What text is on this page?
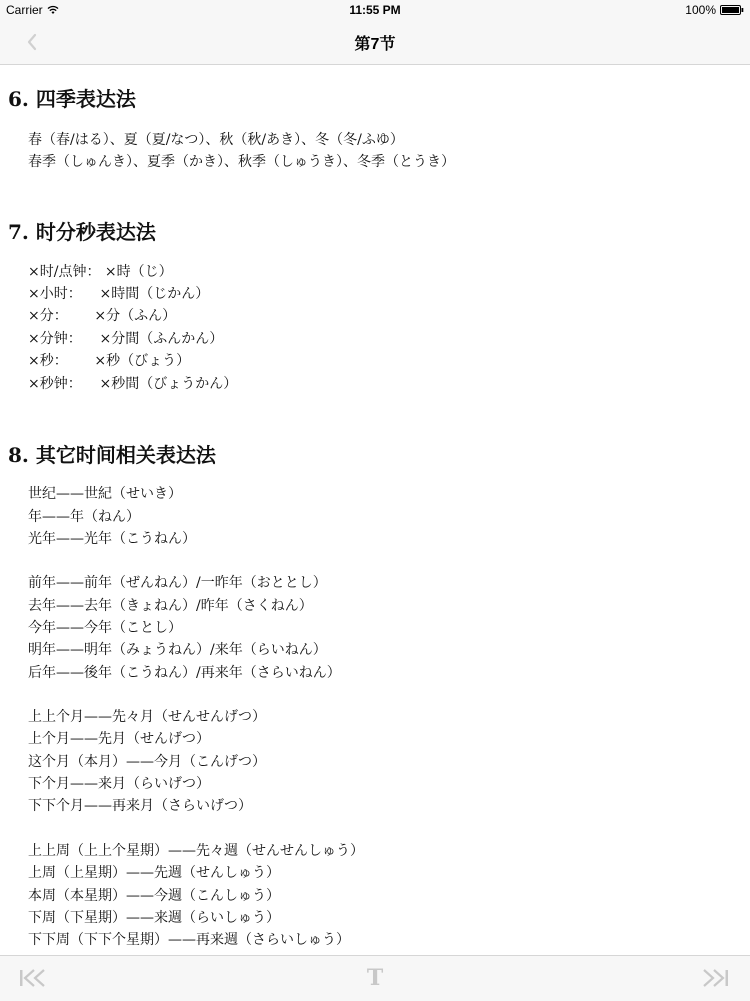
Carrier	11:55 PM	100%
第7节
6. 四季表达法
春（春/はる）、夏（夏/なつ）、秋（秋/あき）、冬（冬/ふゆ）
春季（しゅんき）、夏季（かき）、秋季（しゅうき）、冬季（とうき）
7. 时分秒表达法
×时/点钟： ×時（じ）
×小时：    ×時間（じかん）
×分：      ×分（ふん）
×分钟：    ×分間（ふんかん）
×秒：      ×秒（びょう）
×秒钟：    ×秒間（びょうかん）
8. 其它时间相关表达法
世纪——世紀（せいき）
年——年（ねん）
光年——光年（こうねん）
前年——前年（ぜんねん）/一昨年（おととし）
去年——去年（きょねん）/昨年（さくねん）
今年——今年（ことし）
明年——明年（みょうねん）/来年（らいねん）
后年——後年（こうねん）/再来年（さらいねん）
上上个月——先々月（せんせんげつ）
上个月——先月（せんげつ）
这个月（本月）——今月（こんげつ）
下个月——来月（らいげつ）
下下个月——再来月（さらいげつ）
上上周（上上个星期）——先々週（せんせんしゅう）
上周（上星期）——先週（せんしゅう）
本周（本星期）——今週（こんしゅう）
下周（下星期）——来週（らいしゅう）
下下周（下下个星期）——再来週（さらいしゅう）
T
